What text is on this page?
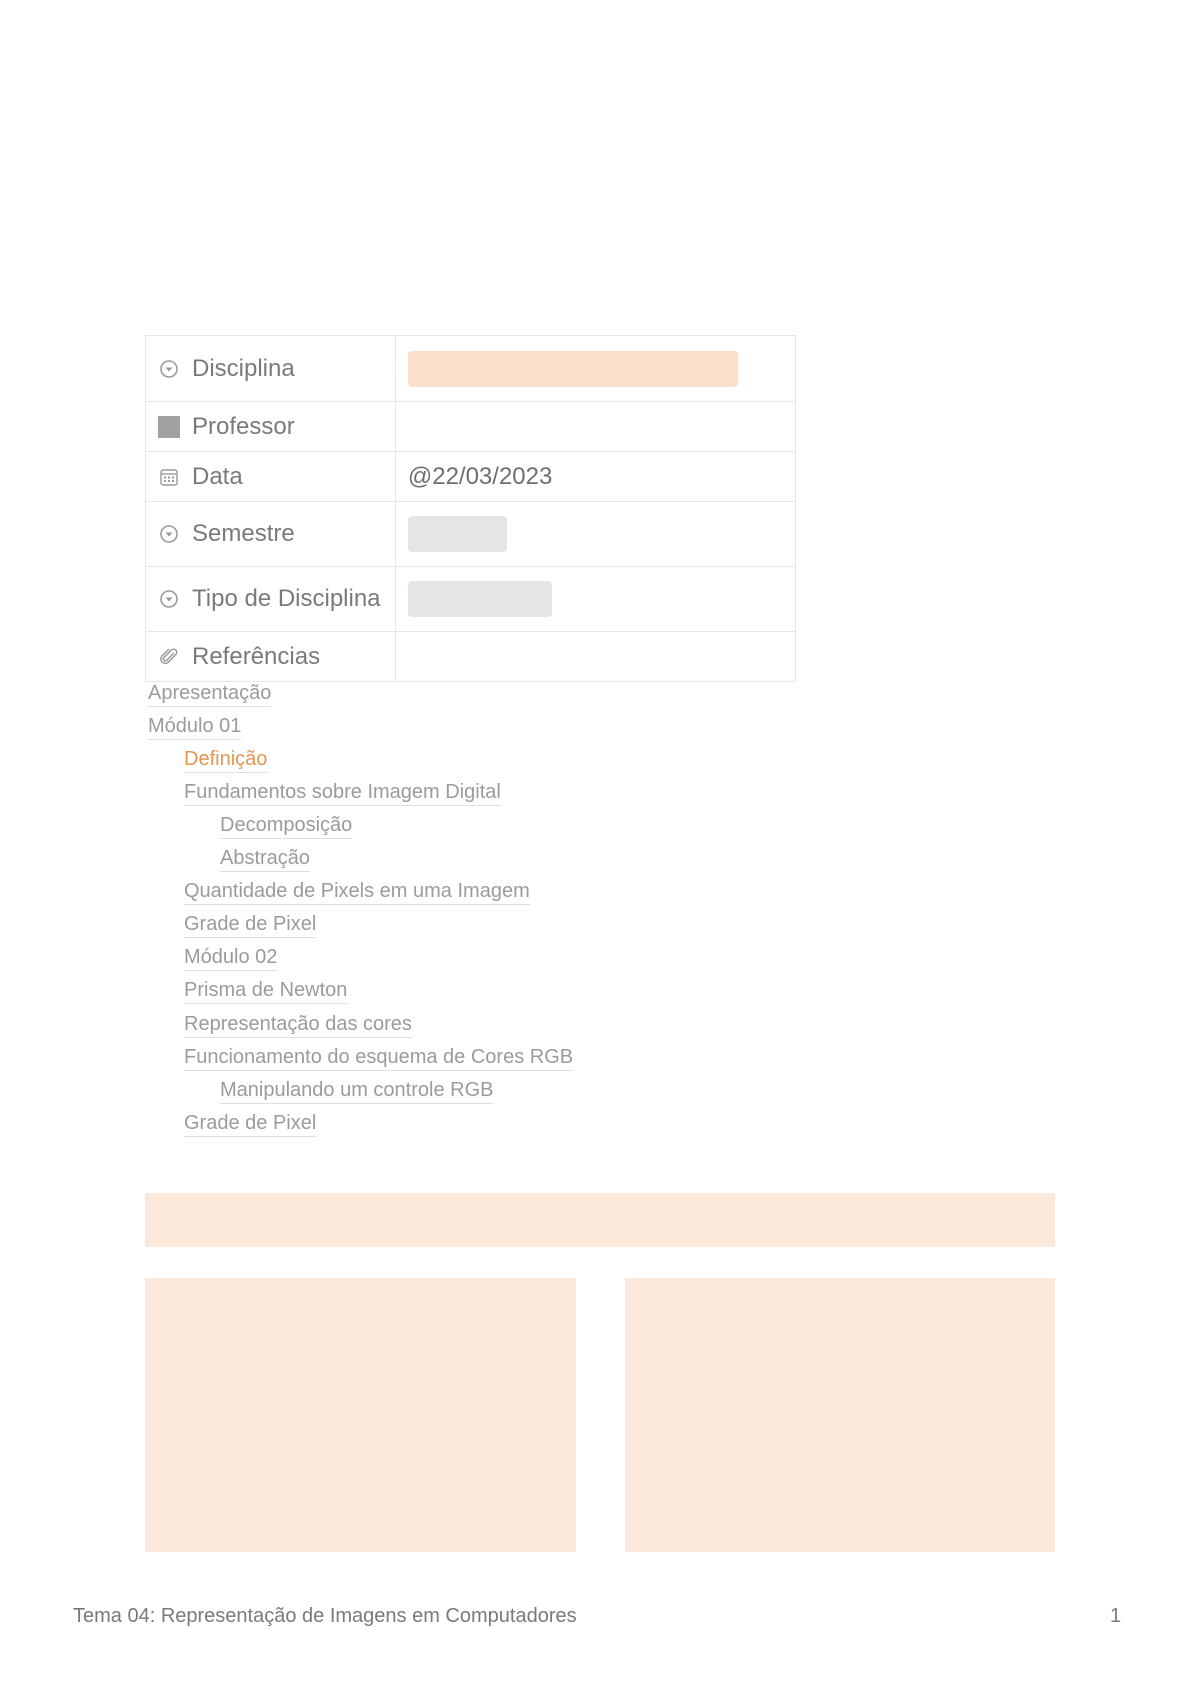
Disciplina	

Professor	

Data	@22/03/2023

Semestre	

Tipo de Disciplina	

Referências	

Apresentação
Módulo 01
Definição
Fundamentos sobre Imagem Digital
Decomposição
Abstração
Quantidade de Pixels em uma Imagem
Grade de Pixel
Módulo 02
Prisma de Newton
Representação das cores
Funcionamento do esquema de Cores RGB
Manipulando um controle RGB
Grade de Pixel
Tema 04: Representação de Imagens em Computadores	1
